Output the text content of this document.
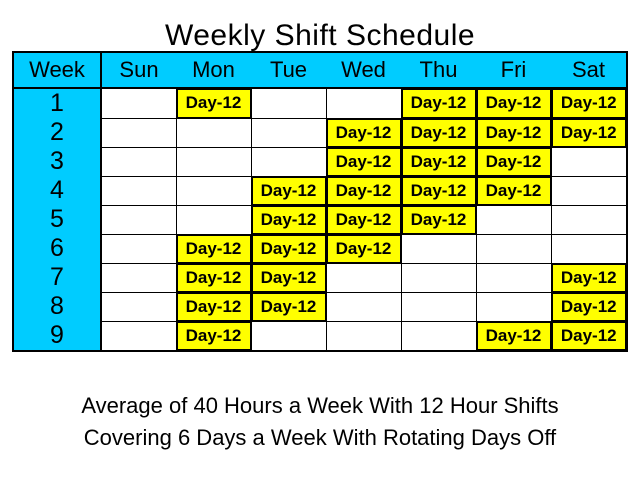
Weekly Shift Schedule
Week	Sun	Mon	Tue	Wed	Thu	Fri	Sat
1		Day-12			Day-12	Day-12	Day-12
2				Day-12	Day-12	Day-12	Day-12
3				Day-12	Day-12	Day-12	
4			Day-12	Day-12	Day-12	Day-12	
5			Day-12	Day-12	Day-12		
6		Day-12	Day-12	Day-12			
7		Day-12	Day-12				Day-12
8		Day-12	Day-12				Day-12
9		Day-12				Day-12	Day-12
Average of 40 Hours a Week With 12 Hour Shifts
Covering 6 Days a Week With Rotating Days Off
